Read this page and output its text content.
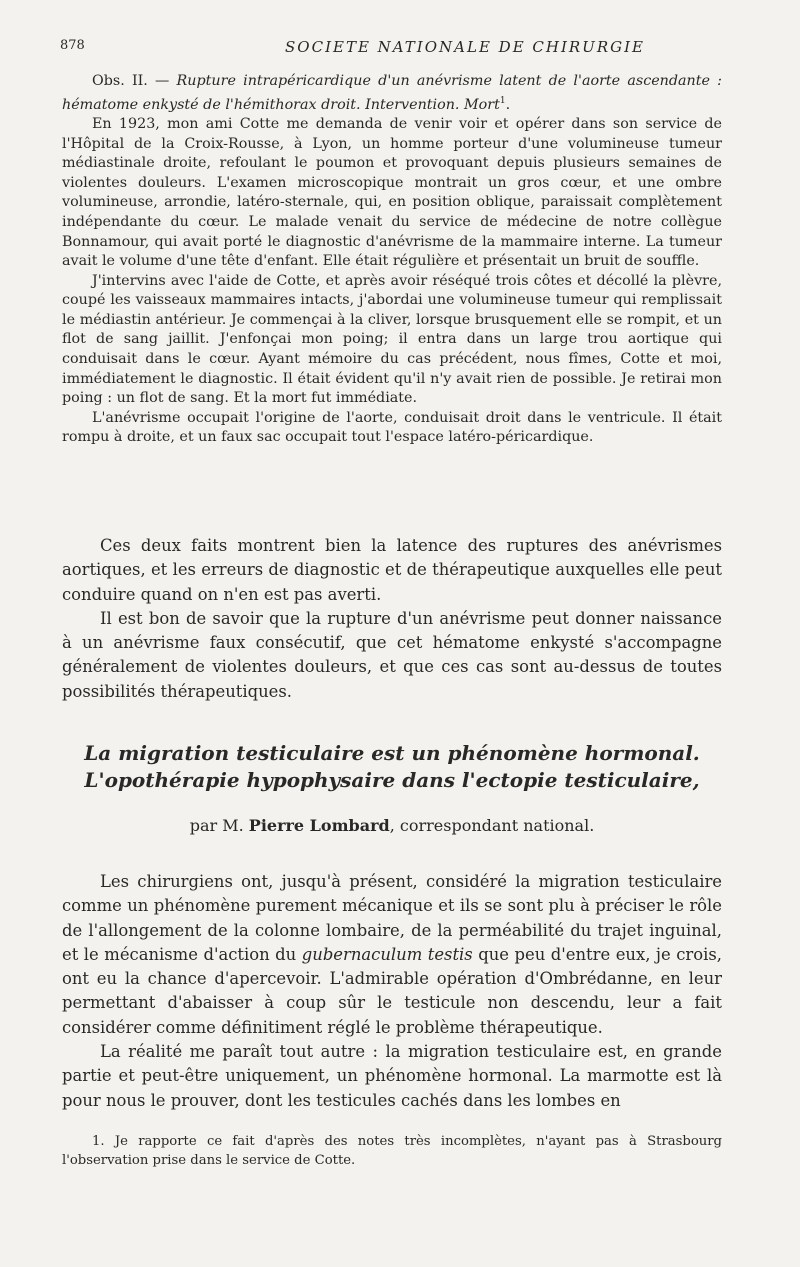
878	SOCIETE NATIONALE DE CHIRURGIE

Obs. II. — Rupture intrapéricardique d'un anévrisme latent de l'aorte ascendante : hématome enkysté de l'hémithorax droit. Intervention. Mort$^1$.

En 1923, mon ami Cotte me demanda de venir voir et opérer dans son service de l'Hôpital de la Croix-Rousse, à Lyon, un homme porteur d'une volumineuse tumeur médiastinale droite, refoulant le poumon et provoquant depuis plusieurs semaines de violentes douleurs. L'examen microscopique montrait un gros cœur, et une ombre volumineuse, arrondie, latéro-sternale, qui, en position oblique, paraissait complètement indépendante du cœur. Le malade venait du service de médecine de notre collègue Bonnamour, qui avait porté le diagnostic d'anévrisme de la mammaire interne. La tumeur avait le volume d'une tête d'enfant. Elle était régulière et présentait un bruit de souffle.

J'intervins avec l'aide de Cotte, et après avoir réséqué trois côtes et décollé la plèvre, coupé les vaisseaux mammaires intacts, j'abordai une volumineuse tumeur qui remplissait le médiastin antérieur. Je commençai à la cliver, lorsque brusquement elle se rompit, et un flot de sang jaillit. J'enfonçai mon poing; il entra dans un large trou aortique qui conduisait dans le cœur. Ayant mémoire du cas précédent, nous fîmes, Cotte et moi, immédiatement le diagnostic. Il était évident qu'il n'y avait rien de possible. Je retirai mon poing : un flot de sang. Et la mort fut immédiate.

L'anévrisme occupait l'origine de l'aorte, conduisait droit dans le ventricule. Il était rompu à droite, et un faux sac occupait tout l'espace latéro-péricardique.

Ces deux faits montrent bien la latence des ruptures des anévrismes aortiques, et les erreurs de diagnostic et de thérapeutique auxquelles elle peut conduire quand on n'en est pas averti.

Il est bon de savoir que la rupture d'un anévrisme peut donner naissance à un anévrisme faux consécutif, que cet hématome enkysté s'accompagne généralement de violentes douleurs, et que ces cas sont au-dessus de toutes possibilités thérapeutiques.

La migration testiculaire est un phénomène hormonal.
L'opothérapie hypophysaire dans l'ectopie testiculaire,
par M. Pierre Lombard, correspondant national.

Les chirurgiens ont, jusqu'à présent, considéré la migration testiculaire comme un phénomène purement mécanique et ils se sont plu à préciser le rôle de l'allongement de la colonne lombaire, de la perméabilité du trajet inguinal, et le mécanisme d'action du gubernaculum testis que peu d'entre eux, je crois, ont eu la chance d'apercevoir. L'admirable opération d'Ombrédanne, en leur permettant d'abaisser à coup sûr le testicule non descendu, leur a fait considérer comme définitiment réglé le problème thérapeutique.

La réalité me paraît tout autre : la migration testiculaire est, en grande partie et peut-être uniquement, un phénomène hormonal. La marmotte est là pour nous le prouver, dont les testicules cachés dans les lombes en

1. Je rapporte ce fait d'après des notes très incomplètes, n'ayant pas à Strasbourg l'observation prise dans le service de Cotte.
